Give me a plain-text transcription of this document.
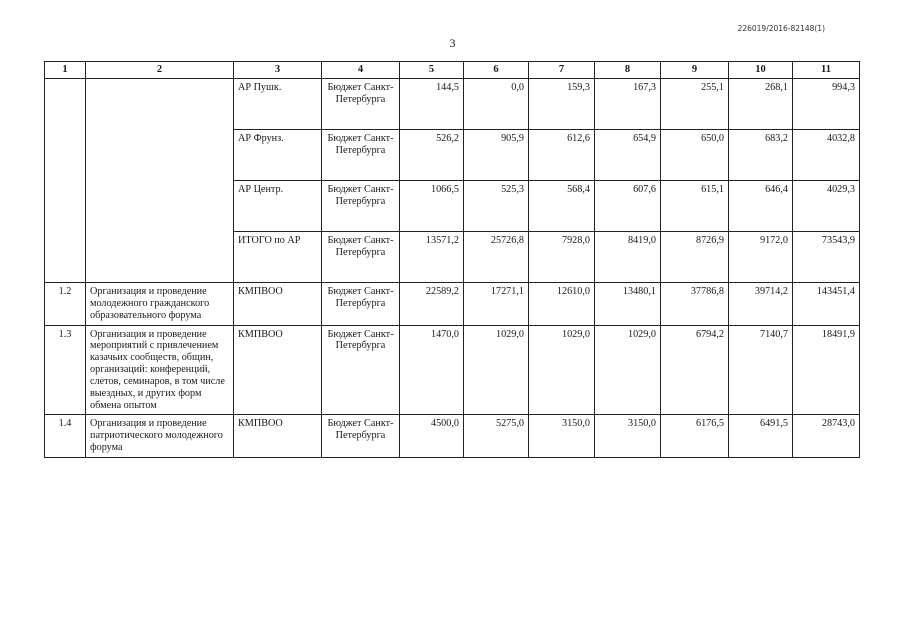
226019/2016-82148(1)
3
1	2	3	4	5	6	7	8	9	10	11
		АР Пушк.	Бюджет Санкт-Петербурга	144,5	0,0	159,3	167,3	255,1	268,1	994,3
		АР Фрунз.	Бюджет Санкт-Петербурга	526,2	905,9	612,6	654,9	650,0	683,2	4032,8
		АР Центр.	Бюджет Санкт-Петербурга	1066,5	525,3	568,4	607,6	615,1	646,4	4029,3
		ИТОГО по АР	Бюджет Санкт-Петербурга	13571,2	25726,8	7928,0	8419,0	8726,9	9172,0	73543,9
1.2	Организация и проведение молодежного гражданского образовательного форума	КМПВОО	Бюджет Санкт-Петербурга	22589,2	17271,1	12610,0	13480,1	37786,8	39714,2	143451,4
1.3	Организация и проведение мероприятий с привлечением казачьих сообществ, общин, организаций: конференций, слетов, семинаров, в том числе выездных, и других форм обмена опытом	КМПВОО	Бюджет Санкт-Петербурга	1470,0	1029,0	1029,0	1029,0	6794,2	7140,7	18491,9
1.4	Организация и проведение патриотического молодежного форума	КМПВОО	Бюджет Санкт-Петербурга	4500,0	5275,0	3150,0	3150,0	6176,5	6491,5	28743,0
